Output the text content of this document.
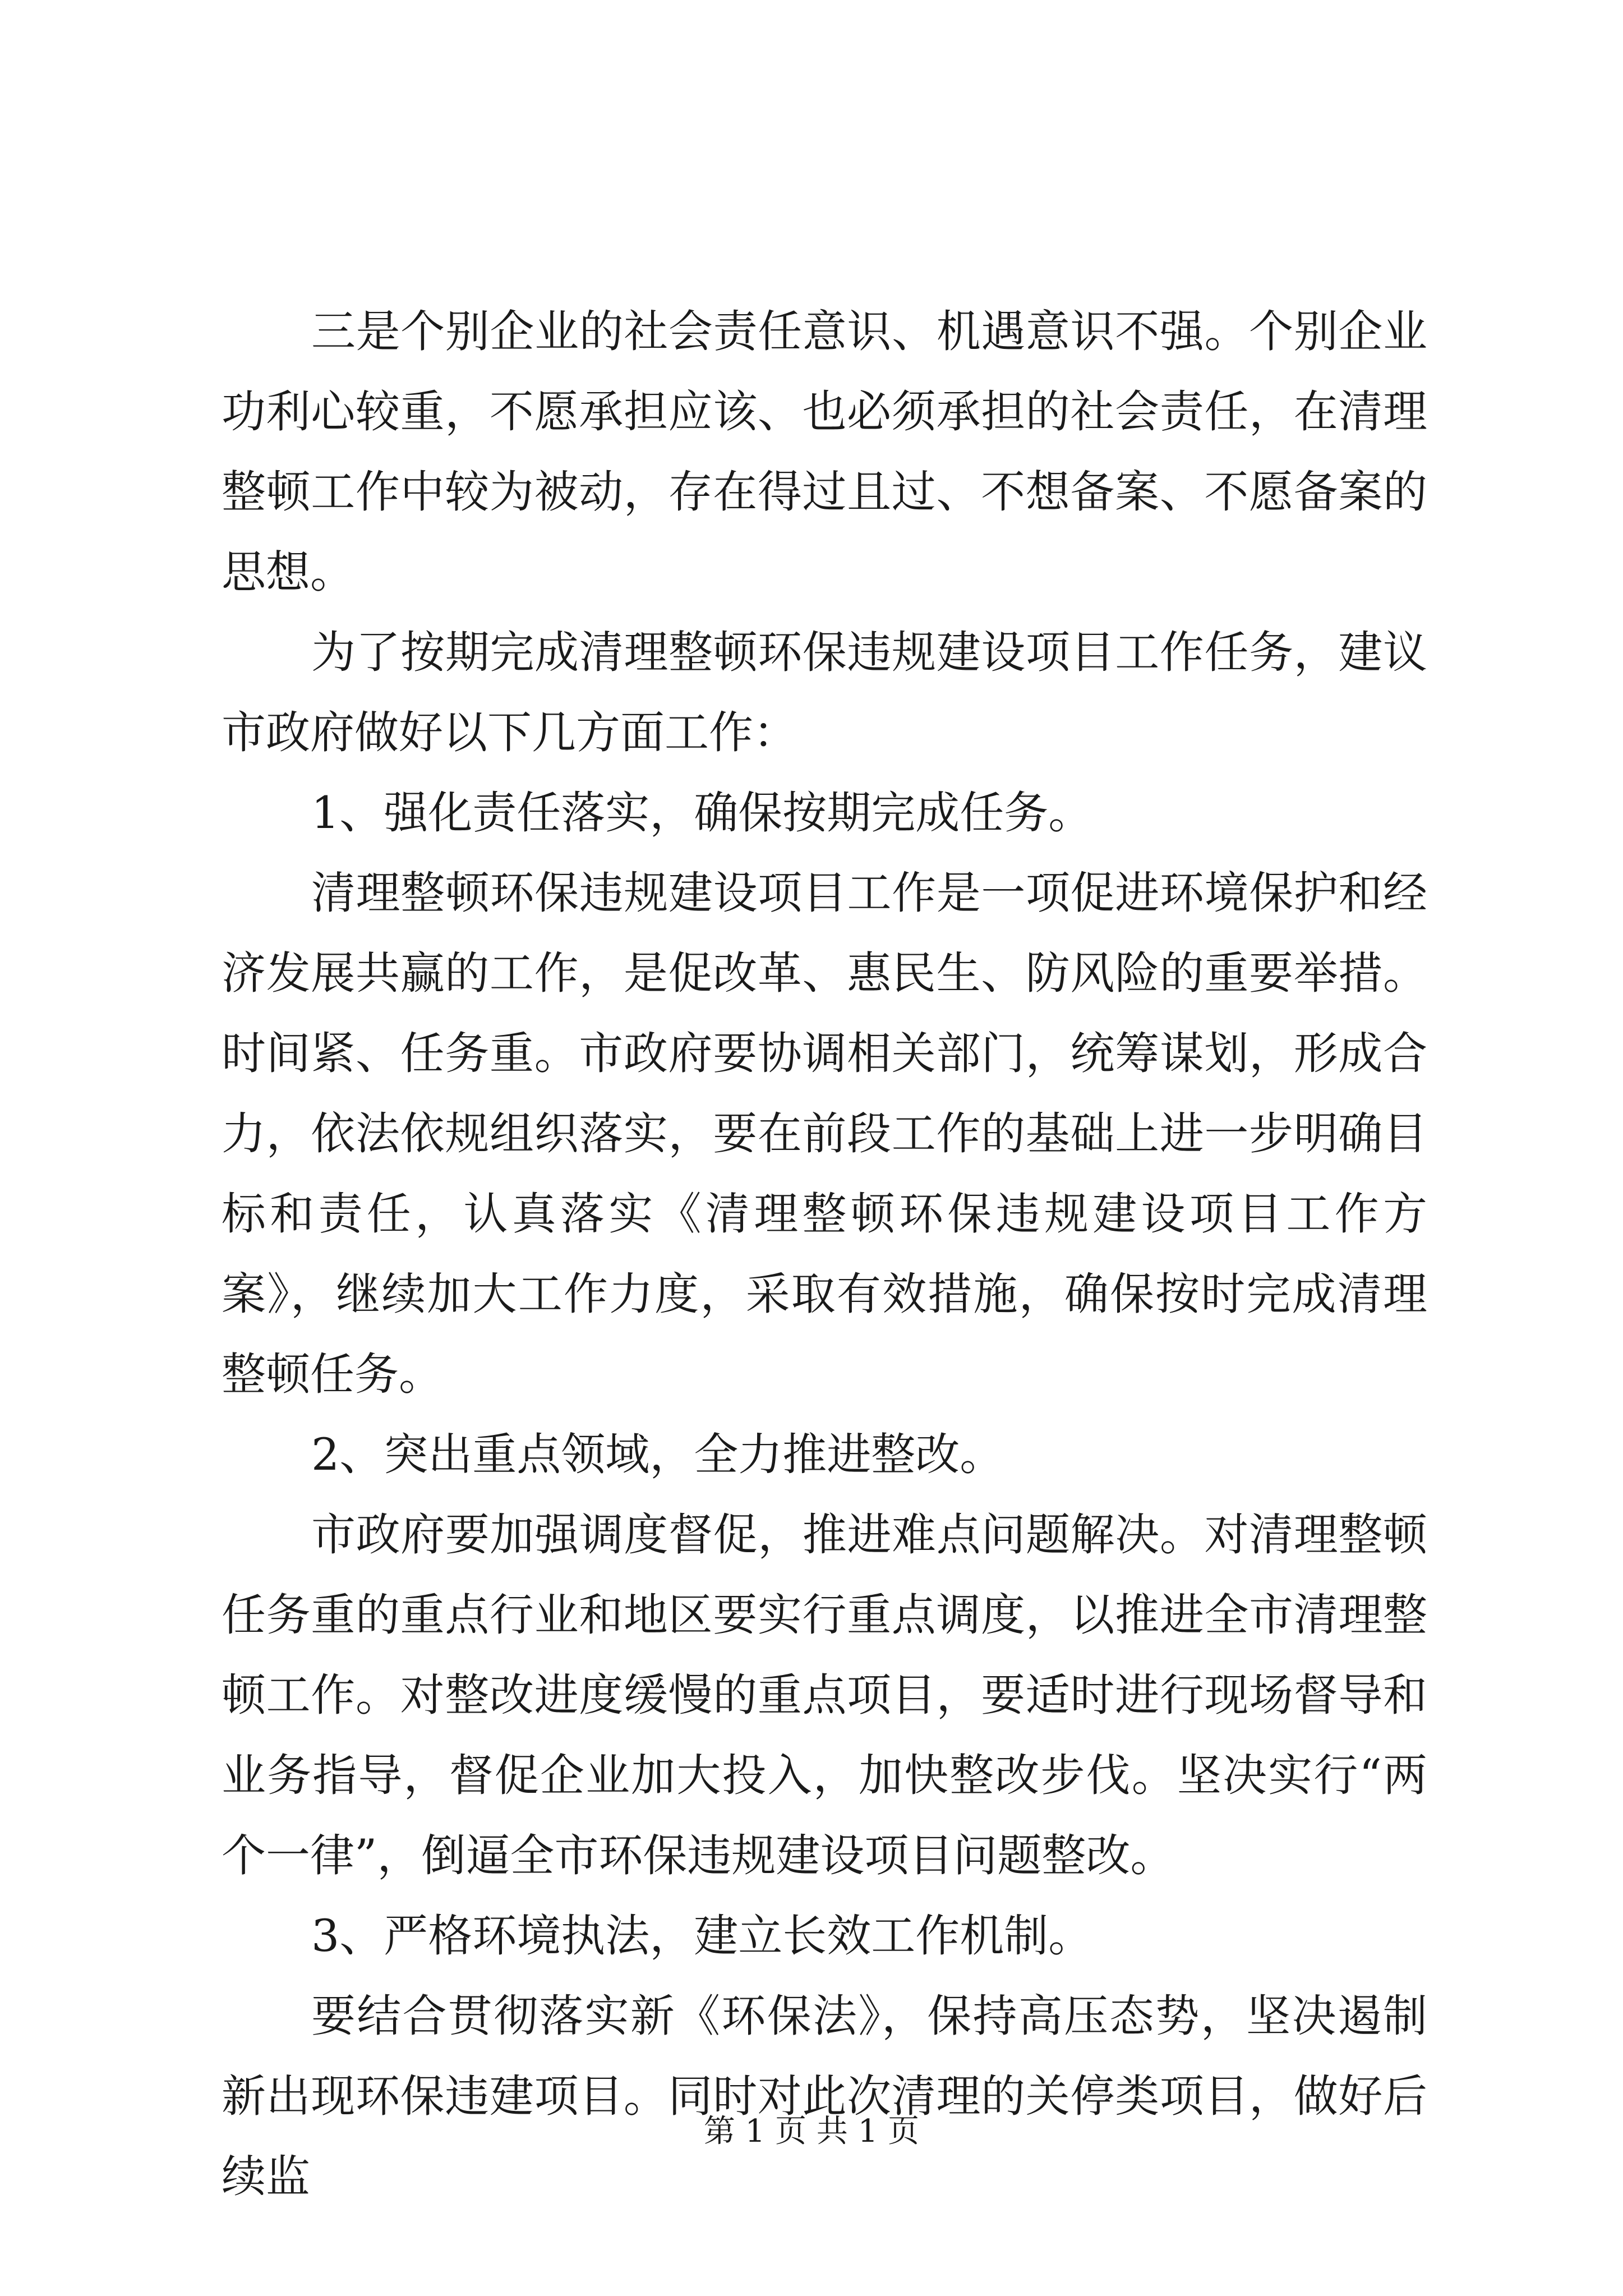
三是个别企业的社会责任意识、机遇意识不强。个别企业功利心较重，不愿承担应该、也必须承担的社会责任，在清理整顿工作中较为被动，存在得过且过、不想备案、不愿备案的思想。

为了按期完成清理整顿环保违规建设项目工作任务，建议市政府做好以下几方面工作：

1、强化责任落实，确保按期完成任务。

清理整顿环保违规建设项目工作是一项促进环境保护和经济发展共赢的工作，是促改革、惠民生、防风险的重要举措。时间紧、任务重。市政府要协调相关部门，统筹谋划，形成合力，依法依规组织落实，要在前段工作的基础上进一步明确目标和责任，认真落实《清理整顿环保违规建设项目工作方案》，继续加大工作力度，采取有效措施，确保按时完成清理整顿任务。

2、突出重点领域，全力推进整改。

市政府要加强调度督促，推进难点问题解决。对清理整顿任务重的重点行业和地区要实行重点调度，以推进全市清理整顿工作。对整改进度缓慢的重点项目，要适时进行现场督导和业务指导，督促企业加大投入，加快整改步伐。坚决实行“两个一律”，倒逼全市环保违规建设项目问题整改。

3、严格环境执法，建立长效工作机制。

要结合贯彻落实新《环保法》，保持高压态势，坚决遏制新出现环保违建项目。同时对此次清理的关停类项目，做好后续监

第 1 页 共 1 页
